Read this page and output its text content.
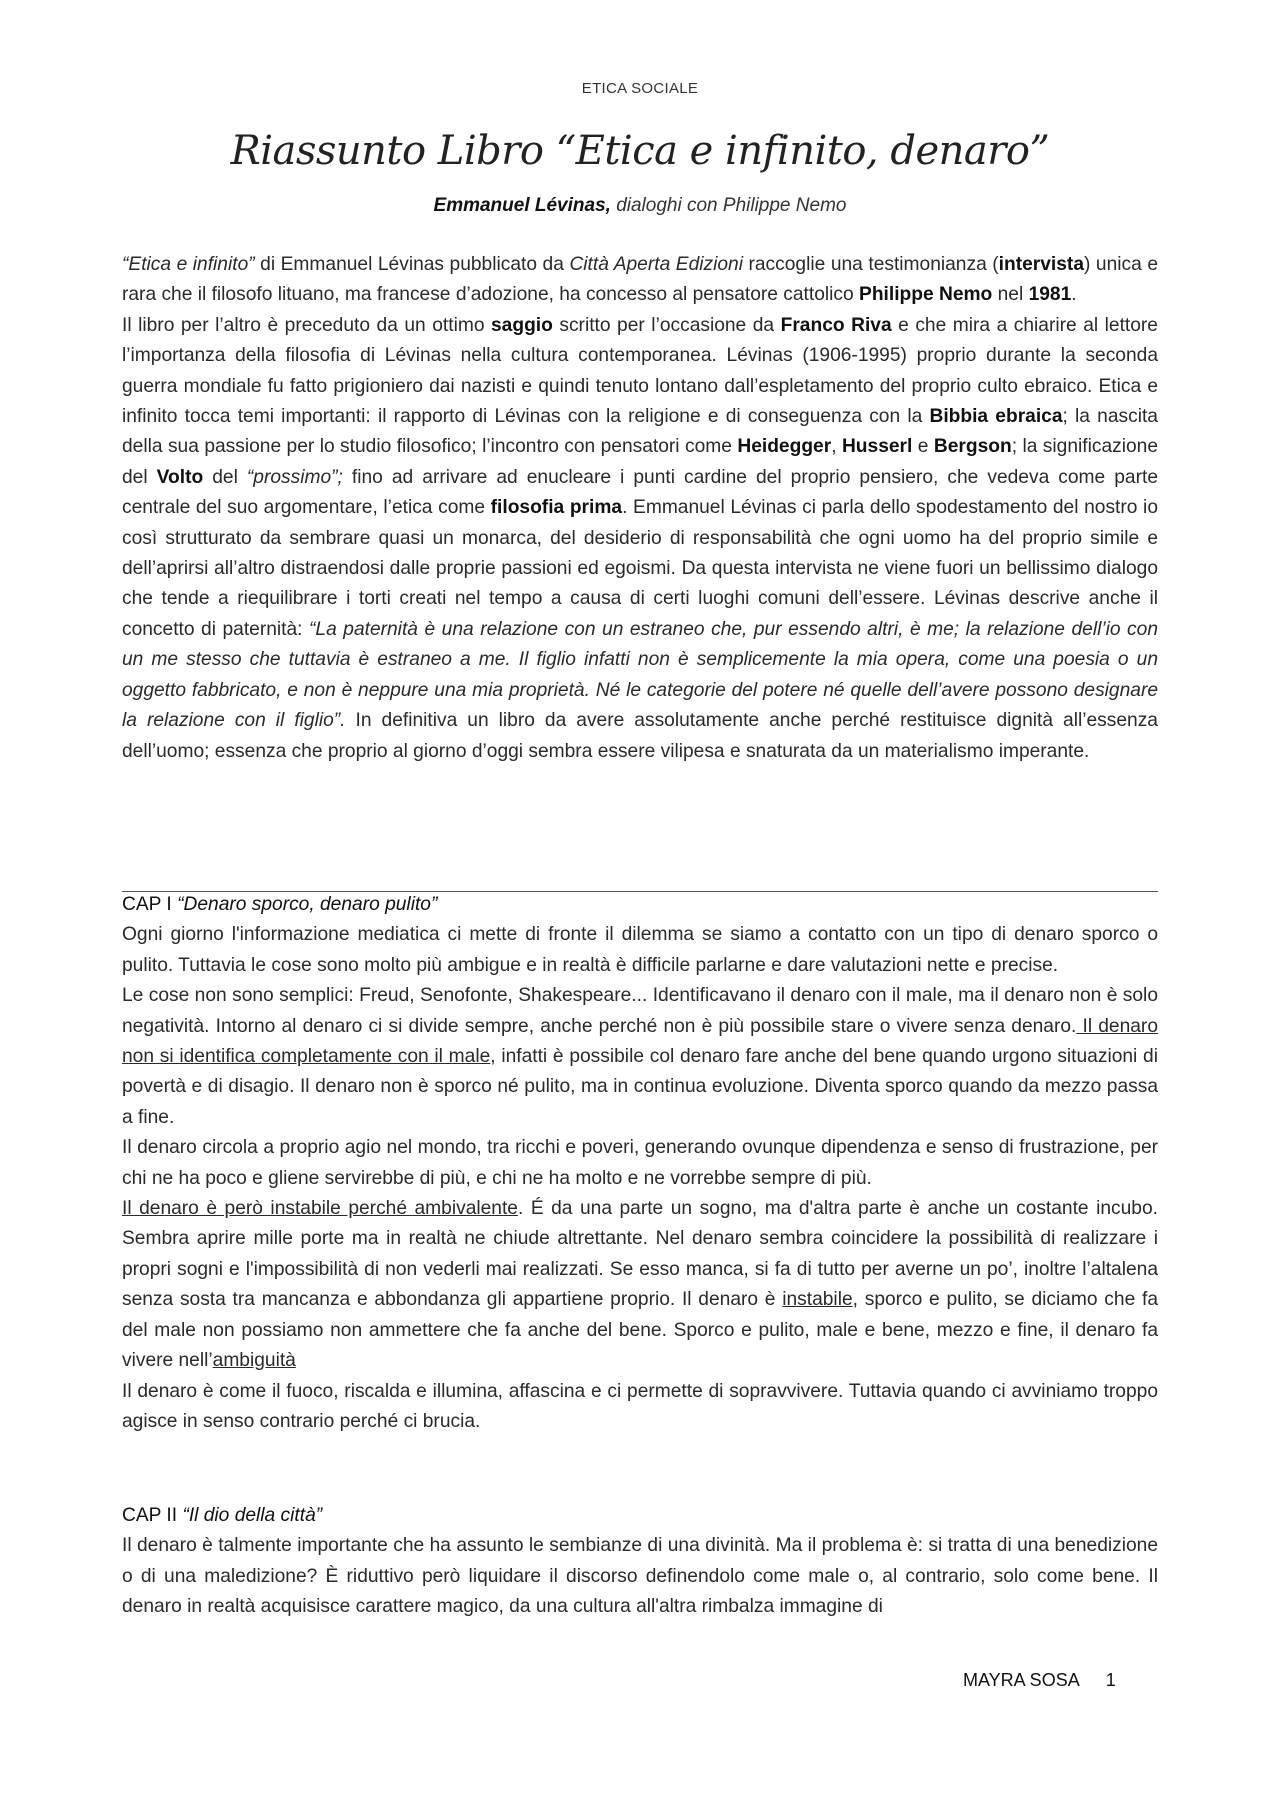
ETICA SOCIALE
Riassunto Libro “Etica e infinito, denaro”
Emmanuel Lévinas, dialoghi con Philippe Nemo

“Etica e infinito” di Emmanuel Lévinas pubblicato da Città Aperta Edizioni raccoglie una testimonianza (intervista) unica e rara che il filosofo lituano, ma francese d’adozione, ha concesso al pensatore cattolico Philippe Nemo nel 1981.

Il libro per l’altro è preceduto da un ottimo saggio scritto per l’occasione da Franco Riva e che mira a chiarire al lettore l’importanza della filosofia di Lévinas nella cultura contemporanea. Lévinas (1906-1995) proprio durante la seconda guerra mondiale fu fatto prigioniero dai nazisti e quindi tenuto lontano dall’espletamento del proprio culto ebraico. Etica e infinito tocca temi importanti: il rapporto di Lévinas con la religione e di conseguenza con la Bibbia ebraica; la nascita della sua passione per lo studio filosofico; l’incontro con pensatori come Heidegger, Husserl e Bergson; la significazione del Volto del “prossimo”; fino ad arrivare ad enucleare i punti cardine del proprio pensiero, che vedeva come parte centrale del suo argomentare, l’etica come filosofia prima. Emmanuel Lévinas ci parla dello spodestamento del nostro io così strutturato da sembrare quasi un monarca, del desiderio di responsabilità che ogni uomo ha del proprio simile e dell’aprirsi all’altro distraendosi dalle proprie passioni ed egoismi. Da questa intervista ne viene fuori un bellissimo dialogo che tende a riequilibrare i torti creati nel tempo a causa di certi luoghi comuni dell’essere. Lévinas descrive anche il concetto di paternità: “La paternità è una relazione con un estraneo che, pur essendo altri, è me; la relazione dell’io con un me stesso che tuttavia è estraneo a me. Il figlio infatti non è semplicemente la mia opera, come una poesia o un oggetto fabbricato, e non è neppure una mia proprietà. Né le categorie del potere né quelle dell’avere possono designare la relazione con il figlio”. In definitiva un libro da avere assolutamente anche perché restituisce dignità all’essenza dell’uomo; essenza che proprio al giorno d’oggi sembra essere vilipesa e snaturata da un materialismo imperante.

CAP I “Denaro sporco, denaro pulito”

Ogni giorno l'informazione mediatica ci mette di fronte il dilemma se siamo a contatto con un tipo di denaro sporco o pulito. Tuttavia le cose sono molto più ambigue e in realtà è difficile parlarne e dare valutazioni nette e precise.

Le cose non sono semplici: Freud, Senofonte, Shakespeare... Identificavano il denaro con il male, ma il denaro non è solo negatività. Intorno al denaro ci si divide sempre, anche perché non è più possibile stare o vivere senza denaro. Il denaro non si identifica completamente con il male, infatti è possibile col denaro fare anche del bene quando urgono situazioni di povertà e di disagio. Il denaro non è sporco né pulito, ma in continua evoluzione. Diventa sporco quando da mezzo passa a fine.

Il denaro circola a proprio agio nel mondo, tra ricchi e poveri, generando ovunque dipendenza e senso di frustrazione, per chi ne ha poco e gliene servirebbe di più, e chi ne ha molto e ne vorrebbe sempre di più.

Il denaro è però instabile perché ambivalente. É da una parte un sogno, ma d'altra parte è anche un costante incubo. Sembra aprire mille porte ma in realtà ne chiude altrettante. Nel denaro sembra coincidere la possibilità di realizzare i propri sogni e l'impossibilità di non vederli mai realizzati. Se esso manca, si fa di tutto per averne un po’, inoltre l’altalena senza sosta tra mancanza e abbondanza gli appartiene proprio. Il denaro è instabile, sporco e pulito, se diciamo che fa del male non possiamo non ammettere che fa anche del bene. Sporco e pulito, male e bene, mezzo e fine, il denaro fa vivere nell’ambiguità

Il denaro è come il fuoco, riscalda e illumina, affascina e ci permette di sopravvivere. Tuttavia quando ci avviniamo troppo agisce in senso contrario perché ci brucia.

CAP II “Il dio della città”

Il denaro è talmente importante che ha assunto le sembianze di una divinità. Ma il problema è: si tratta di una benedizione o di una maledizione? È riduttivo però liquidare il discorso definendolo come male o, al contrario, solo come bene. Il denaro in realtà acquisisce carattere magico, da una cultura all'altra rimbalza immagine di

MAYRA SOSA 1
